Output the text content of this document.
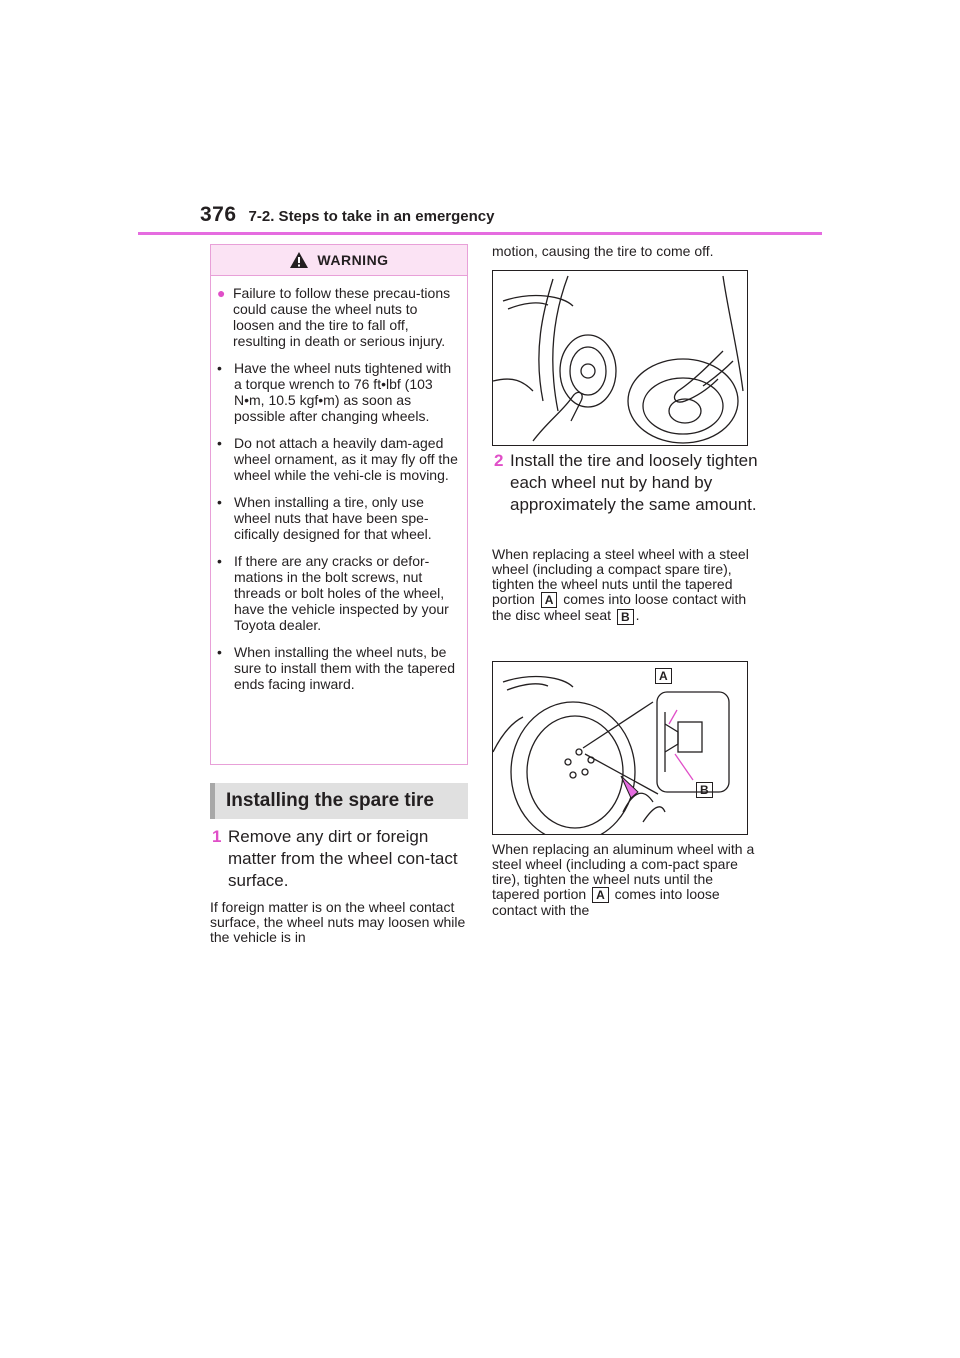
376 7-2. Steps to take in an emergency
WARNING
● Failure to follow these precau-tions could cause the wheel nuts to loosen and the tire to fall off, resulting in death or serious injury.
• Have the wheel nuts tightened with a torque wrench to 76 ft•lbf (103 N•m, 10.5 kgf•m) as soon as possible after changing wheels.
• Do not attach a heavily dam-aged wheel ornament, as it may fly off the wheel while the vehi-cle is moving.
• When installing a tire, only use wheel nuts that have been spe-cifically designed for that wheel.
• If there are any cracks or defor-mations in the bolt screws, nut threads or bolt holes of the wheel, have the vehicle inspected by your Toyota dealer.
• When installing the wheel nuts, be sure to install them with the tapered ends facing inward.
Installing the spare tire
1 Remove any dirt or foreign matter from the wheel con-tact surface.
If foreign matter is on the wheel contact surface, the wheel nuts may loosen while the vehicle is in
motion, causing the tire to come off.
2 Install the tire and loosely tighten each wheel nut by hand by approximately the same amount.
When replacing a steel wheel with a steel wheel (including a compact spare tire), tighten the wheel nuts until the tapered portion A comes into loose contact with the disc wheel seat B .
A
B
When replacing an aluminum wheel with a steel wheel (including a com-pact spare tire), tighten the wheel nuts until the tapered portion A comes into loose contact with the
